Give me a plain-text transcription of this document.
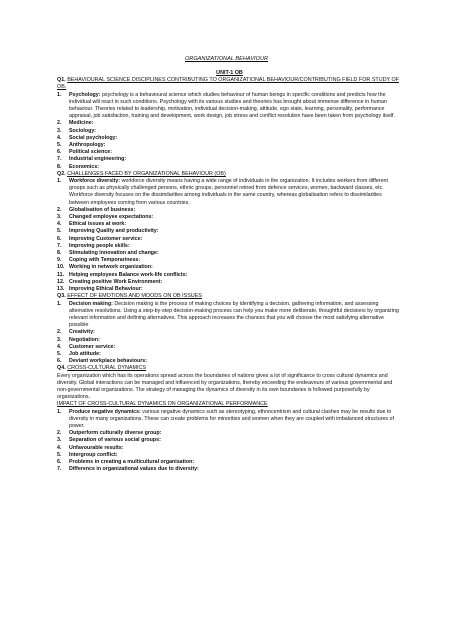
ORGANIZATIONAL BEHAVIOUR
UNIT-1 OB
Q1. BEHAVIOURAL SCIENCE DISCIPLINES CONTRIBUTING TO ORGANIZATIONAL BEHAVIOUR/CONTRIBUTING FIELD FOR STUDY OF OB.
1.	Psychology: psychology is a behavioural science which studies behaviour of human beings in specific conditions and predicts how the individual will react in such conditions. Psychology with its various studies and theories has brought about immense difference in human behaviour. Theories related to leadership, motivation, individual decision-making, attitude, ego state, learning, personality, performance appraisal, job satisfaction, training and development, work design, job stress and conflict resolution have been taken from psychology itself.
2.	Medicine:
3.	Sociology:
4.	Social psychology:
5.	Anthropology:
6.	Political science:
7.	Industrial engineering:
8.	Economics:
Q2. CHALLENGES FACED BY ORGANIZATIONAL BEHAVIOUR (OB)
1.	Workforce diversity: workforce diversity means having a wide range of individuals in the organization. It includes workers from different groups such as physically challenged persons, ethnic groups, personnel retired from defence services, women, backward classes, etc. Workforce diversity focuses on the dissimilarities among individuals in the same country, whereas globalisation refers to dissimilarities between employees coming from various countries.
2.	Globalisation of business:
3.	Changed employee expectations:
4.	Ethical issues at work:
5.	Improving Quality and productivity:
6.	Improving Customer service:
7.	Improving people skills:
8.	Stimulating innovation and change:
9.	Coping with Temporariness:
10. Working in network organization:
11. Helping employees Balance work-life conflicts:
12. Creating positive Work Environment:
13. Improving Ethical Behaviour:
Q3. EFFECT OF EMOTIONS AND MOODS ON OB ISSUES
1.	Decision making: Decision making is the process of making choices by identifying a decision, gathering information, and assessing alternative resolutions. Using a step-by-step decision-making process can help you make more deliberate, thoughtful decisions by organizing relevant information and defining alternatives. This approach increases the chances that you will choose the most satisfying alternative possible
2.	Creativity:
3.	Negotiation:
4.	Customer service:
5.	Job attitude:
6.	Deviant workplace behaviours:
Q4. CROSS-CULTURAL DYNAMICS
Every organization which has its operations spread across the boundaries of nations gives a lot of significance to cross cultural dynamics and diversity. Global interactions can be managed and influenced by organizations, thereby exceeding the endeavours of various governmental and non-governmental organizations. The strategy of managing the dynamics of diversity in its own boundaries is followed purposefully by organizations.
IMPACT OF CROSS-CULTURAL DYNAMICS ON ORGANIZATIONAL PERFORMANCE
1.	Produce negative dynamics: various negative dynamics such as stereotyping, ethnocentrism and cultural clashes may be results due to diversity in many organizations. These can create problems for minorities and women when they are coupled with imbalanced structures of power.
2.	Outperform culturally diverse group:
3.	Separation of various social groups:
4.	Unfavourable results:
5.	Intergroup conflict:
6.	Problems in creating a multicultural organisation:
7.	Difference in organizational values due to diversity:
